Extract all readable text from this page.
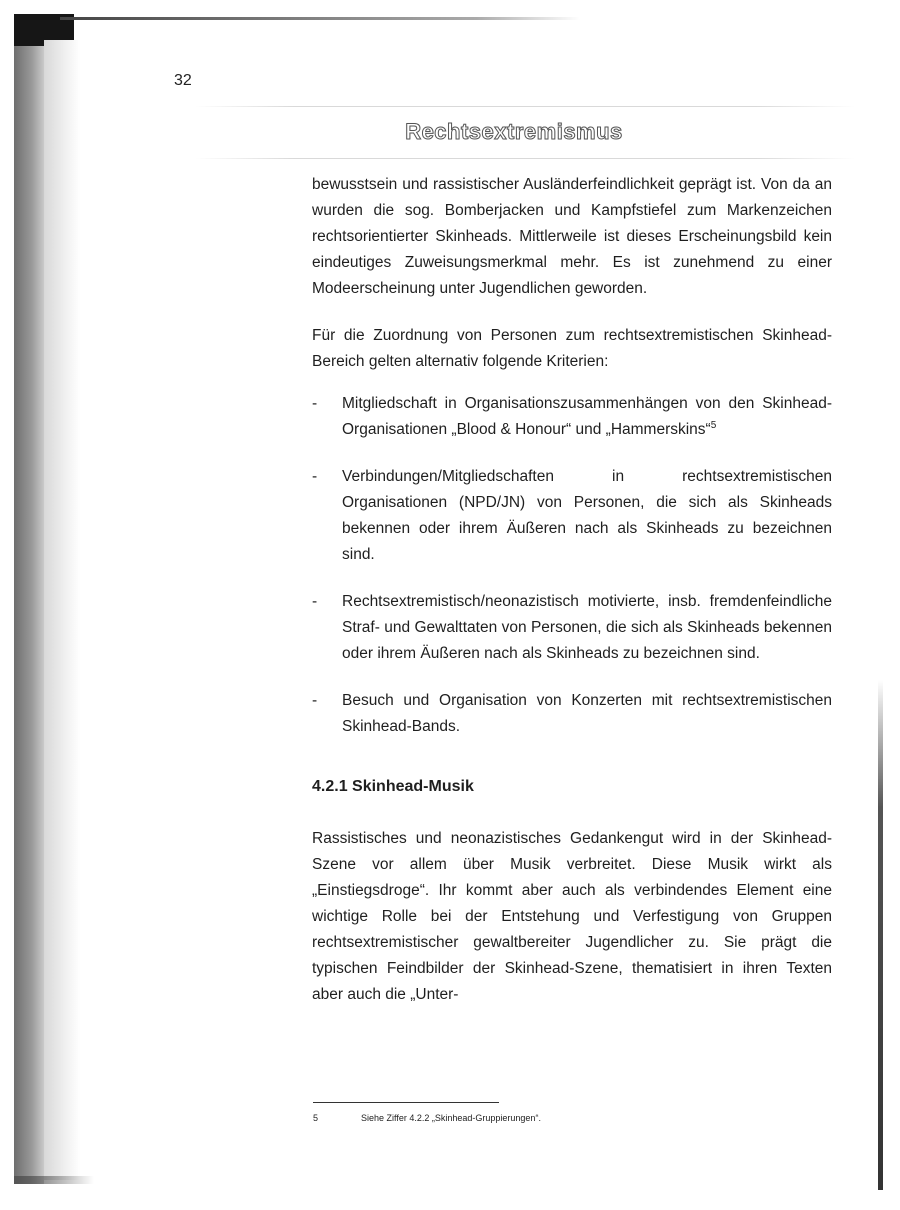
32
Rechtsextremismus

bewusstsein und rassistischer Ausländerfeindlichkeit geprägt ist. Von da an wurden die sog. Bomberjacken und Kampfstiefel zum Markenzeichen rechtsorientierter Skinheads. Mittlerweile ist dieses Erscheinungsbild kein eindeutiges Zuweisungsmerkmal mehr. Es ist zunehmend zu einer Modeerscheinung unter Jugendlichen geworden.

Für die Zuordnung von Personen zum rechtsextremistischen Skinhead-Bereich gelten alternativ folgende Kriterien:

- Mitgliedschaft in Organisationszusammenhängen von den Skinhead-Organisationen „Blood & Honour“ und „Hammerskins“$^5$
- Verbindungen/Mitgliedschaften in rechtsextremistischen Organisationen (NPD/JN) von Personen, die sich als Skinheads bekennen oder ihrem Äußeren nach als Skinheads zu bezeichnen sind.
- Rechtsextremistisch/neonazistisch motivierte, insb. fremdenfeindliche Straf- und Gewalttaten von Personen, die sich als Skinheads bekennen oder ihrem Äußeren nach als Skinheads zu bezeichnen sind.
- Besuch und Organisation von Konzerten mit rechtsextremistischen Skinhead-Bands.
4.2.1 Skinhead-Musik

Rassistisches und neonazistisches Gedankengut wird in der Skinhead-Szene vor allem über Musik verbreitet. Diese Musik wirkt als „Einstiegsdroge“. Ihr kommt aber auch als verbindendes Element eine wichtige Rolle bei der Entstehung und Verfestigung von Gruppen rechtsextremistischer gewaltbereiter Jugendlicher zu. Sie prägt die typischen Feindbilder der Skinhead-Szene, thematisiert in ihren Texten aber auch die „Unter-

5	Siehe Ziffer 4.2.2 „Skinhead-Gruppierungen“.
